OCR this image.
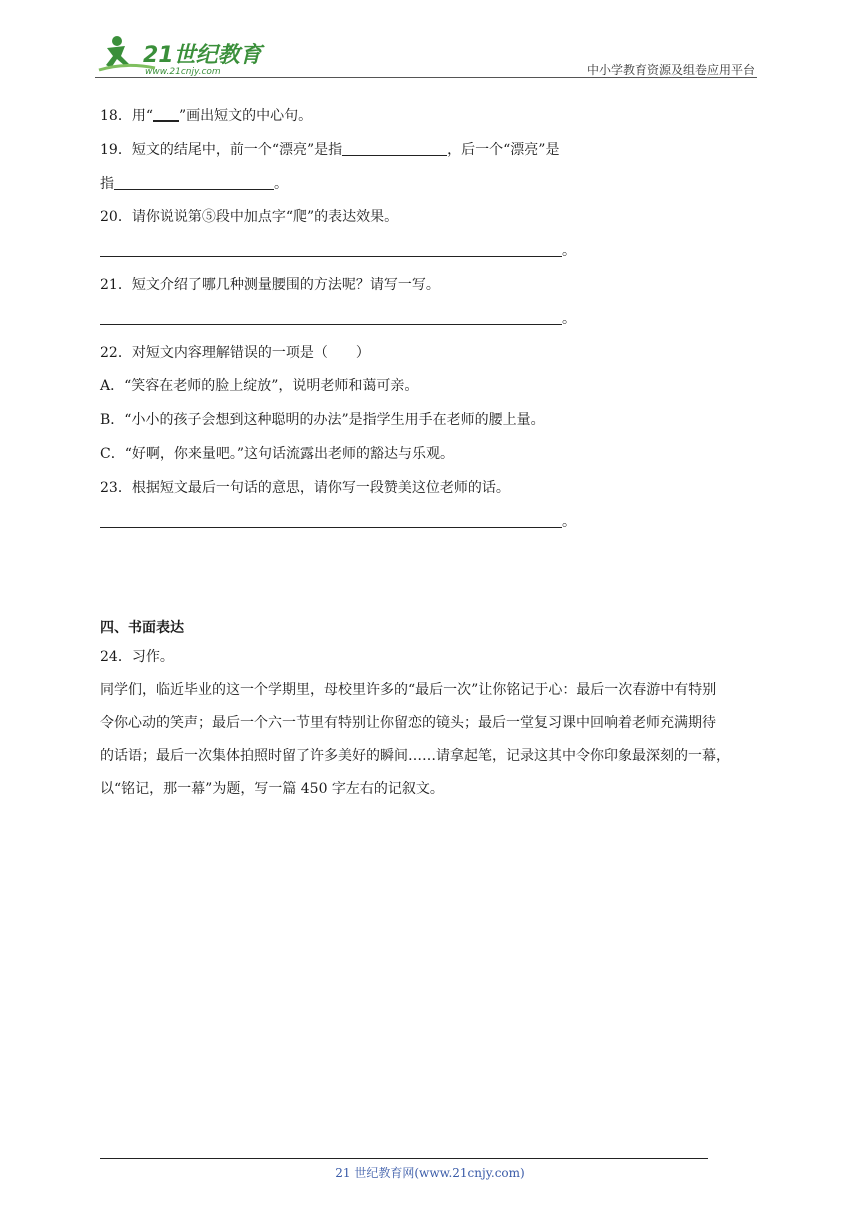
21世纪教育
www.21cnjy.com	中小学教育资源及组卷应用平台
18．用“ ”画出短文的中心句。
19．短文的结尾中，前一个“漂亮”是指	，后一个“漂亮”是
指	。
20．请你说说第⑤段中加点字“爬”的表达效果。
。
21．短文介绍了哪几种测量腰围的方法呢？请写一写。
。
22．对短文内容理解错误的一项是（　　）
A．“笑容在老师的脸上绽放”，说明老师和蔼可亲。
B．“小小的孩子会想到这种聪明的办法”是指学生用手在老师的腰上量。
C．“好啊，你来量吧。”这句话流露出老师的豁达与乐观。
23．根据短文最后一句话的意思，请你写一段赞美这位老师的话。
。
四、书面表达
24．习作。
同学们，临近毕业的这一个学期里，母校里许多的“最后一次”让你铭记于心：最后一次春游中有特别
令你心动的笑声；最后一个六一节里有特别让你留恋的镜头；最后一堂复习课中回响着老师充满期待
的话语；最后一次集体拍照时留了许多美好的瞬间……请拿起笔，记录这其中令你印象最深刻的一幕，
以“铭记，那一幕”为题，写一篇 450 字左右的记叙文。
21 世纪教育网(www.21cnjy.com)
